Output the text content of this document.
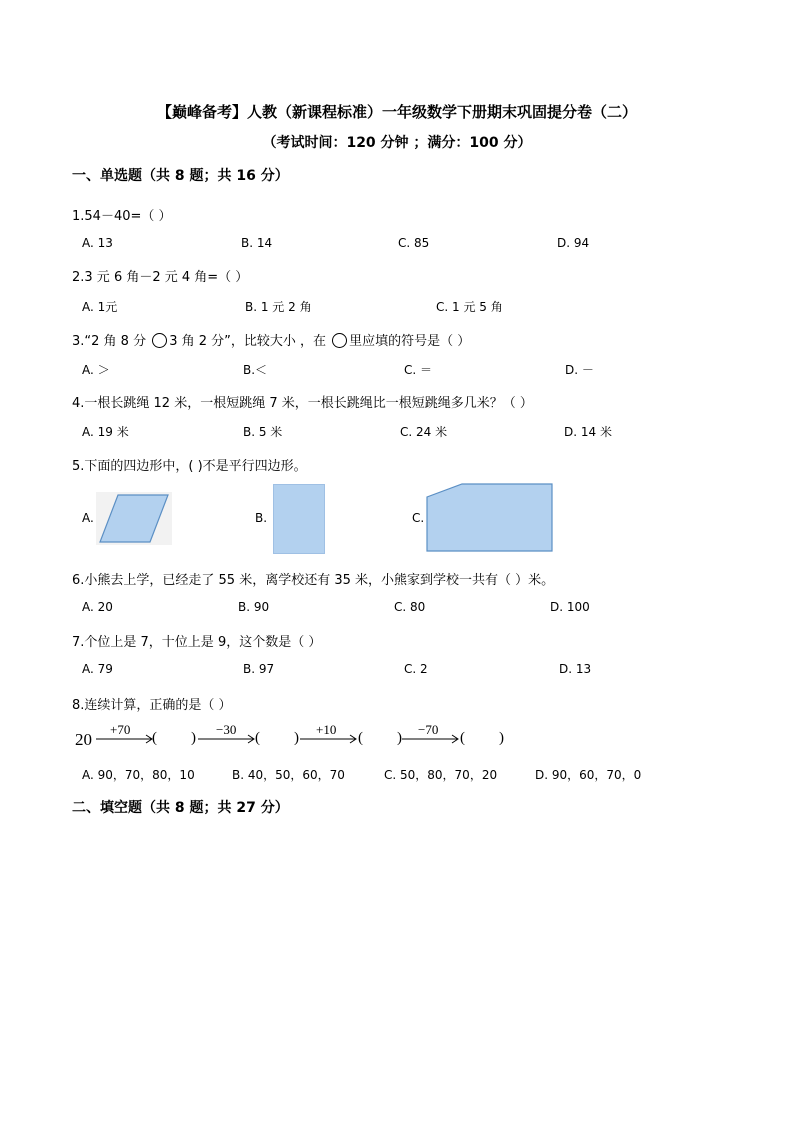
【巅峰备考】人教（新课程标准）一年级数学下册期末巩固提分卷（二）
（考试时间：120 分钟 ；满分：100 分）
一、单选题（共 8 题；共 16 分）
1.54－40=（ ）
A. 13	B. 14	C. 85	D. 94
2.3 元 6 角－2 元 4 角=（ ）
A. 1元	B. 1 元 2 角	C. 1 元 5 角
3.“2 角 8 分 3 角 2 分”，比较大小 ，在 里应填的符号是（ ）
A. ＞	B.＜	C. ＝	D. －
4.一根长跳绳 12 米，一根短跳绳 7 米，一根长跳绳比一根短跳绳多几米？（ ）
A. 19 米	B. 5 米	C. 24 米	D. 14 米
5.下面的四边形中，( )不是平行四边形。
A.	B.	C.
6.小熊去上学，已经走了 55 米，离学校还有 35 米，小熊家到学校一共有（ ）米。
A. 20	B. 90	C. 80	D. 100
7.个位上是 7，十位上是 9，这个数是（ ）
A. 79	B. 97	C. 2	D. 13
8.连续计算，正确的是（ ）
20
+70
( )
−30
( )
+10
( )
−70
( )
A. 90，70，80，10	B. 40，50，60，70	C. 50，80，70，20	D. 90，60，70，0
二、填空题（共 8 题；共 27 分）
